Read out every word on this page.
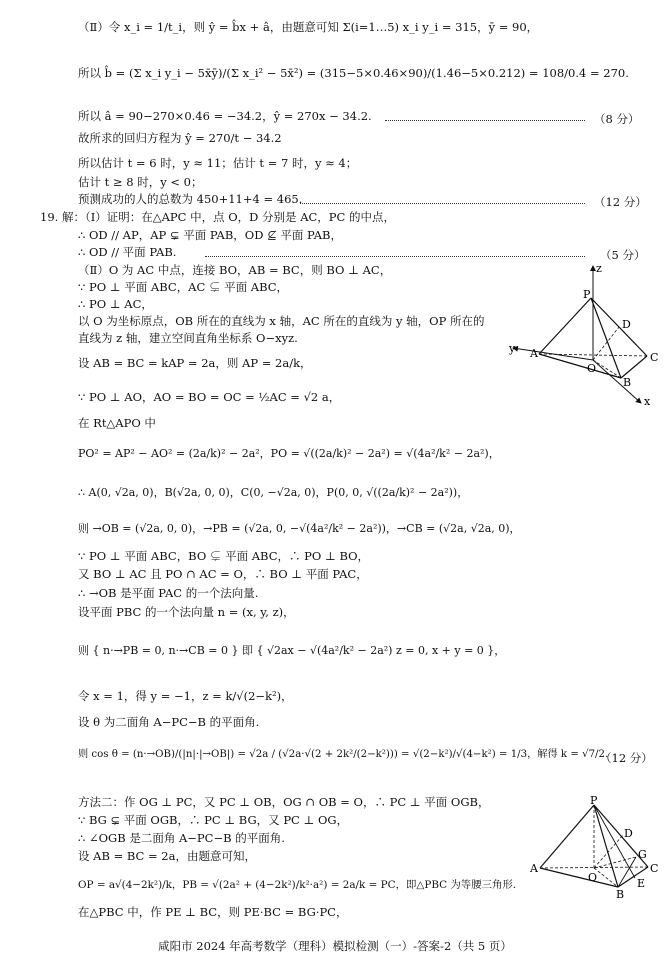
（Ⅱ）令 x_i = 1/t_i，则 ŷ = b̂x + â，由题意可知 Σ(i=1…5) x_i y_i = 315，ȳ = 90，
所以 b̂ = (Σ x_i y_i − 5x̄ȳ)/(Σ x_i² − 5x̄²) = (315−5×0.46×90)/(1.46−5×0.212) = 108/0.4 = 270.
所以 â = 90−270×0.46 = −34.2，ŷ = 270x − 34.2.	（8 分）
故所求的回归方程为 ŷ = 270/t − 34.2
所以估计 t = 6 时，y ≈ 11；估计 t = 7 时，y ≈ 4；
估计 t ≥ 8 时，y < 0；
预测成功的人的总数为 450+11+4 = 465.	（12 分）
19. 解：（Ⅰ）证明：在△APC 中，点 O，D 分别是 AC，PC 的中点，
∴ OD // AP，AP ⊊ 平面 PAB，OD ⊈ 平面 PAB，
∴ OD // 平面 PAB.	（5 分）
（Ⅱ）O 为 AC 中点，连接 BO，AB = BC，则 BO ⊥ AC，
∵ PO ⊥ 平面 ABC，AC ⊊ 平面 ABC，
∴ PO ⊥ AC，
以 O 为坐标原点，OB 所在的直线为 x 轴，AC 所在的直线为 y 轴，OP 所在的
直线为 z 轴，建立空间直角坐标系 O−xyz.
设 AB = BC = kAP = 2a，则 AP = 2a/k，
∵ PO ⊥ AO，AO = BO = OC = ½AC = √2 a，
在 Rt△APO 中
PO² = AP² − AO² = (2a/k)² − 2a²，PO = √((2a/k)² − 2a²) = √(4a²/k² − 2a²)，
∴ A(0, √2a, 0)，B(√2a, 0, 0)，C(0, −√2a, 0)，P(0, 0, √((2a/k)² − 2a²))，
则 →OB = (√2a, 0, 0)，→PB = (√2a, 0, −√(4a²/k² − 2a²))，→CB = (√2a, √2a, 0)，
∵ PO ⊥ 平面 ABC，BO ⊊ 平面 ABC，∴ PO ⊥ BO，
又 BO ⊥ AC 且 PO ∩ AC = O，∴ BO ⊥ 平面 PAC，
∴ →OB 是平面 PAC 的一个法向量.
设平面 PBC 的一个法向量 n = (x, y, z)，
则 { n·→PB = 0, n·→CB = 0 } 即 { √2ax − √(4a²/k² − 2a²) z = 0, x + y = 0 }，
令 x = 1，得 y = −1，z = k/√(2−k²)，
设 θ 为二面角 A−PC−B 的平面角.
则 cos θ = (n·→OB)/(|n|·|→OB|) = √2a / (√2a·√(2 + 2k²/(2−k²))) = √(2−k²)/√(4−k²) = 1/3，解得 k = √7/2.
（12 分）
方法二：作 OG ⊥ PC，又 PC ⊥ OB，OG ∩ OB = O，∴ PC ⊥ 平面 OGB，
∵ BG ⊊ 平面 OGB，∴ PC ⊥ BG，又 PC ⊥ OG，
∴ ∠OGB 是二面角 A−PC−B 的平面角.
设 AB = BC = 2a，由题意可知，
OP = a√(4−2k²)/k，PB = √(2a² + (4−2k²)/k²·a²) = 2a/k = PC，即△PBC 为等腰三角形.
在△PBC 中，作 PE ⊥ BC，则 PE·BC = BG·PC，
z
P
D
y A
O
C
B
x
P
D
G
A
O
C
E
B
咸阳市 2024 年高考数学（理科）模拟检测（一）-答案-2（共 5 页）
